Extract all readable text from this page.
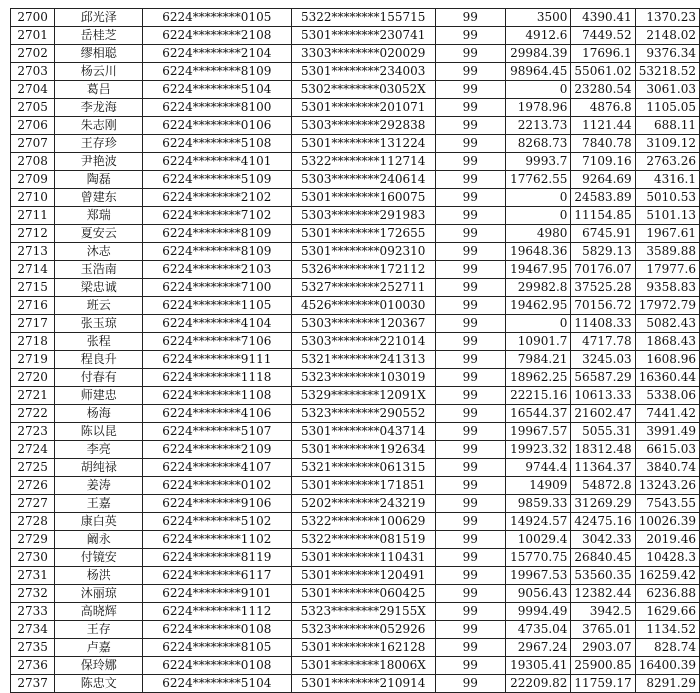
2700	邱光泽	6224********0105	5322********155715	99	3500	4390.41	1370.23
2701	岳桂芝	6224********2108	5301********230741	99	4912.6	7449.52	2148.02
2702	缪相聪	6224********2104	3303********020029	99	29984.39	17696.1	9376.34
2703	杨云川	6224********8109	5301********234003	99	98964.45	55061.02	53218.52
2704	葛吕	6224********5104	5302********03052X	99	0	23280.54	3061.03
2705	李龙海	6224********8100	5301********201071	99	1978.96	4876.8	1105.05
2706	朱志刚	6224********0106	5303********292838	99	2213.73	1121.44	688.11
2707	王存珍	6224********5108	5301********131224	99	8268.73	7840.78	3109.12
2708	尹艳波	6224********4101	5322********112714	99	9993.7	7109.16	2763.26
2709	陶磊	6224********5109	5303********240614	99	17762.55	9264.69	4316.1
2710	曾建东	6224********2102	5301********160075	99	0	24583.89	5010.53
2711	郑瑞	6224********7102	5303********291983	99	0	11154.85	5101.13
2712	夏安云	6224********8109	5301********172655	99	4980	6745.91	1967.61
2713	沐志	6224********8109	5301********092310	99	19648.36	5829.13	3589.88
2714	玉浩南	6224********2103	5326********172112	99	19467.95	70176.07	17977.6
2715	梁忠诚	6224********7100	5327********252711	99	29982.8	37525.28	9358.83
2716	班云	6224********1105	4526********010030	99	19462.95	70156.72	17972.79
2717	张玉琼	6224********4104	5303********120367	99	0	11408.33	5082.43
2718	张程	6224********7106	5303********221014	99	10901.7	4717.78	1868.43
2719	程良升	6224********9111	5321********241313	99	7984.21	3245.03	1608.96
2720	付春有	6224********1118	5323********103019	99	18962.25	56587.29	16360.44
2721	师建忠	6224********1108	5329********12091X	99	22215.16	10613.33	5338.06
2722	杨海	6224********4106	5323********290552	99	16544.37	21602.47	7441.42
2723	陈以昆	6224********5107	5301********043714	99	19967.57	5055.31	3991.49
2724	李亮	6224********2109	5301********192634	99	19923.32	18312.48	6615.03
2725	胡纯禄	6224********4107	5321********061315	99	9744.4	11364.37	3840.74
2726	姜涛	6224********0102	5301********171851	99	14909	54872.8	13243.26
2727	王嘉	6224********9106	5202********243219	99	9859.33	31269.29	7543.55
2728	康白英	6224********5102	5322********100629	99	14924.57	42475.16	10026.39
2729	阚永	6224********1102	5322********081519	99	10029.4	3042.33	2019.46
2730	付镜安	6224********8119	5301********110431	99	15770.75	26840.45	10428.3
2731	杨洪	6224********6117	5301********120491	99	19967.53	53560.35	16259.42
2732	沐丽琼	6224********9101	5301********060425	99	9056.43	12382.44	6236.88
2733	高晓辉	6224********1112	5323********29155X	99	9994.49	3942.5	1629.66
2734	王存	6224********0108	5323********052926	99	4735.04	3765.01	1134.52
2735	卢嘉	6224********8105	5301********162128	99	2967.24	2903.07	828.74
2736	保玲娜	6224********0108	5301********18006X	99	19305.41	25900.85	16400.39
2737	陈忠文	6224********5104	5301********210914	99	22209.82	11759.17	8291.29
